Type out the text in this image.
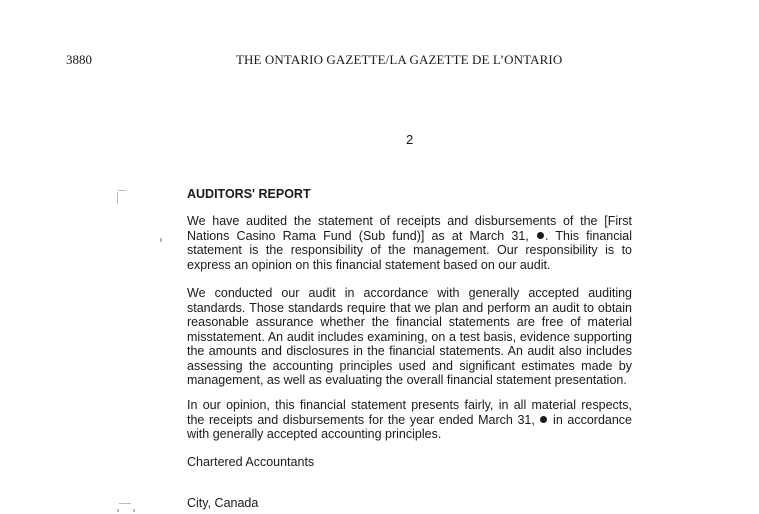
3880	THE ONTARIO GAZETTE/LA GAZETTE DE L’ONTARIO
2
AUDITORS' REPORT

We have audited the statement of receipts and disbursements of the [First Nations Casino Rama Fund (Sub fund)] as at March 31, . This financial statement is the responsibility of the management. Our responsibility is to express an opinion on this financial statement based on our audit.

We conducted our audit in accordance with generally accepted auditing standards. Those standards require that we plan and perform an audit to obtain reasonable assurance whether the financial statements are free of material misstatement. An audit includes examining, on a test basis, evidence supporting the amounts and disclosures in the financial statements. An audit also includes assessing the accounting principles used and significant estimates made by management, as well as evaluating the overall financial statement presentation.

In our opinion, this financial statement presents fairly, in all material respects, the receipts and disbursements for the year ended March 31, in accordance with generally accepted accounting principles.

Chartered Accountants
City, Canada
